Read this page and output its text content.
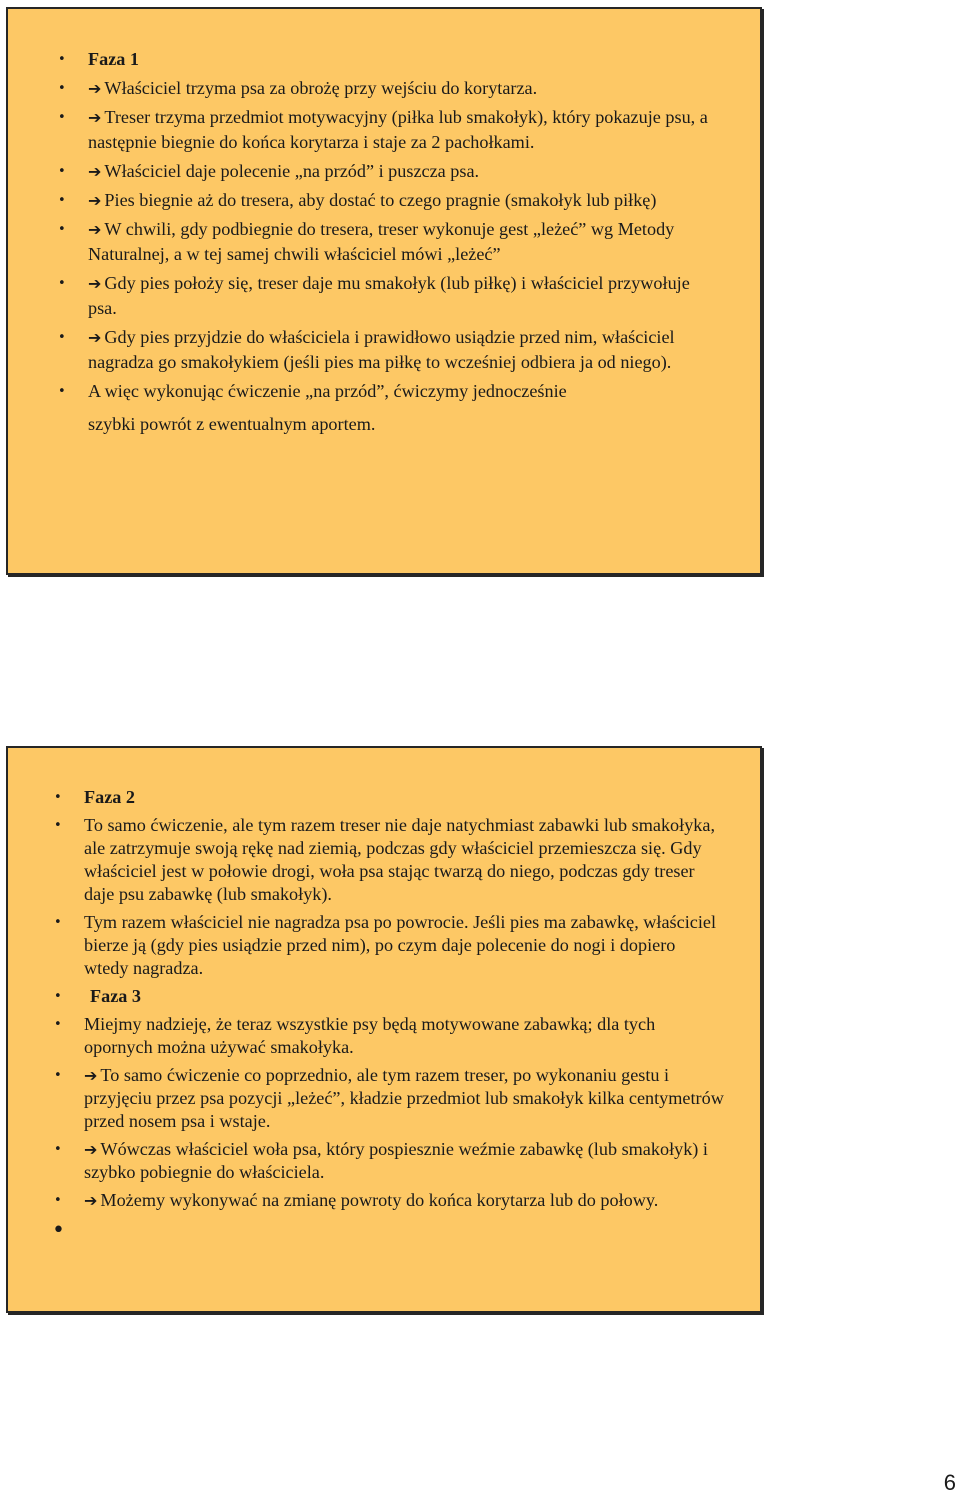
• Faza 1
• ➔ Właściciel trzyma psa za obrożę przy wejściu do korytarza.
• ➔ Treser trzyma przedmiot motywacyjny (piłka lub smakołyk), który pokazuje psu, a następnie biegnie do końca korytarza i staje za 2 pachołkami.
• ➔ Właściciel daje polecenie „na przód” i puszcza psa.
• ➔ Pies biegnie aż do tresera, aby dostać to czego pragnie (smakołyk lub piłkę)
• ➔ W chwili, gdy podbiegnie do tresera, treser wykonuje gest „leżeć” wg Metody Naturalnej, a w tej samej chwili właściciel mówi „leżeć”
• ➔ Gdy pies położy się, treser daje mu smakołyk (lub piłkę) i właściciel przywołuje psa.
• ➔ Gdy pies przyjdzie do właściciela i prawidłowo usiądzie przed nim, właściciel nagradza go smakołykiem (jeśli pies ma piłkę to wcześniej odbiera ja od niego).
• A więc wykonując ćwiczenie „na przód”, ćwiczymy jednocześnie
szybki powrót z ewentualnym aportem.
• Faza 2
• To samo ćwiczenie, ale tym razem treser nie daje natychmiast zabawki lub smakołyka, ale zatrzymuje swoją rękę nad ziemią, podczas gdy właściciel przemieszcza się. Gdy właściciel jest w połowie drogi, woła psa stając twarzą do niego, podczas gdy treser daje psu zabawkę (lub smakołyk).
• Tym razem właściciel nie nagradza psa po powrocie. Jeśli pies ma zabawkę, właściciel bierze ją (gdy pies usiądzie przed nim), po czym daje polecenie do nogi i dopiero wtedy nagradza.
• Faza 3
• Miejmy nadzieję, że teraz wszystkie psy będą motywowane zabawką; dla tych opornych można używać smakołyka.
• ➔ To samo ćwiczenie co poprzednio, ale tym razem treser, po wykonaniu gestu i przyjęciu przez psa pozycji „leżeć”, kładzie przedmiot lub smakołyk kilka centymetrów przed nosem psa i wstaje.
• ➔ Wówczas właściciel woła psa, który pospiesznie weźmie zabawkę (lub smakołyk) i szybko pobiegnie do właściciela.
• ➔ Możemy wykonywać na zmianę powroty do końca korytarza lub do połowy.
•
6
